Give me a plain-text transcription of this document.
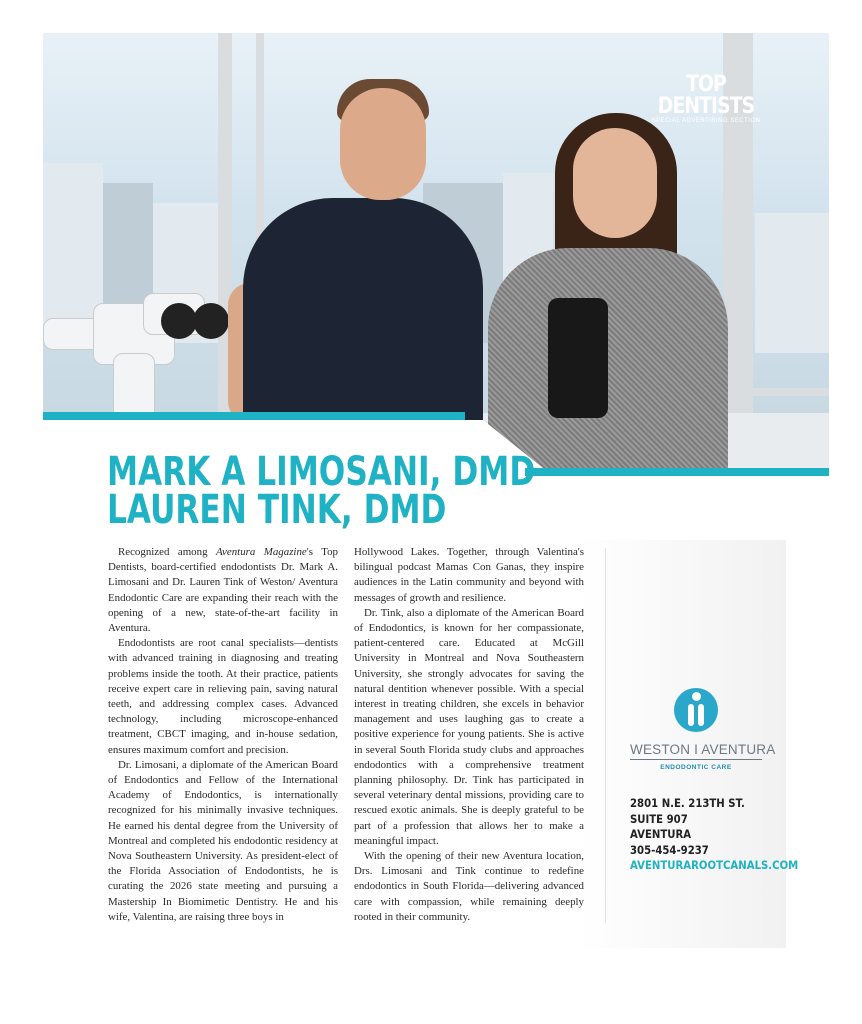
TOP DENTISTS
SPECIAL ADVERTISING SECTION
MARK A LIMOSANI, DMD
LAUREN TINK, DMD

Recognized among Aventura Magazine's Top Dentists, board-certified endodontists Dr. Mark A. Limosani and Dr. Lauren Tink of Weston/ Aventura Endodontic Care are expanding their reach with the opening of a new, state-of-the-art facility in Aventura.

Endodontists are root canal specialists—dentists with advanced training in diagnosing and treating problems inside the tooth. At their practice, patients receive expert care in relieving pain, saving natural teeth, and addressing complex cases. Advanced technology, including microscope-enhanced treatment, CBCT imaging, and in-house sedation, ensures maximum comfort and precision.

Dr. Limosani, a diplomate of the American Board of Endodontics and Fellow of the International Academy of Endodontics, is internationally recognized for his minimally invasive techniques. He earned his dental degree from the University of Montreal and completed his endodontic residency at Nova Southeastern University. As president-elect of the Florida Association of Endodontists, he is curating the 2026 state meeting and pursuing a Mastership In Biomimetic Dentistry. He and his wife, Valentina, are raising three boys in

Hollywood Lakes. Together, through Valentina's bilingual podcast Mamas Con Ganas, they inspire audiences in the Latin community and beyond with messages of growth and resilience.

Dr. Tink, also a diplomate of the American Board of Endodontics, is known for her compassionate, patient-centered care. Educated at McGill University in Montreal and Nova Southeastern University, she strongly advocates for saving the natural dentition whenever possible. With a special interest in treating children, she excels in behavior management and uses laughing gas to create a positive experience for young patients. She is active in several South Florida study clubs and approaches endodontics with a comprehensive treatment planning philosophy. Dr. Tink has participated in several veterinary dental missions, providing care to rescued exotic animals. She is deeply grateful to be part of a profession that allows her to make a meaningful impact.

With the opening of their new Aventura location, Drs. Limosani and Tink continue to redefine endodontics in South Florida—delivering advanced care with compassion, while remaining deeply rooted in their community.

WESTON I AVENTURA
ENDODONTIC CARE
2801 N.E. 213TH ST.
SUITE 907
AVENTURA
305-454-9237
AVENTURAROOTCANALS.COM
